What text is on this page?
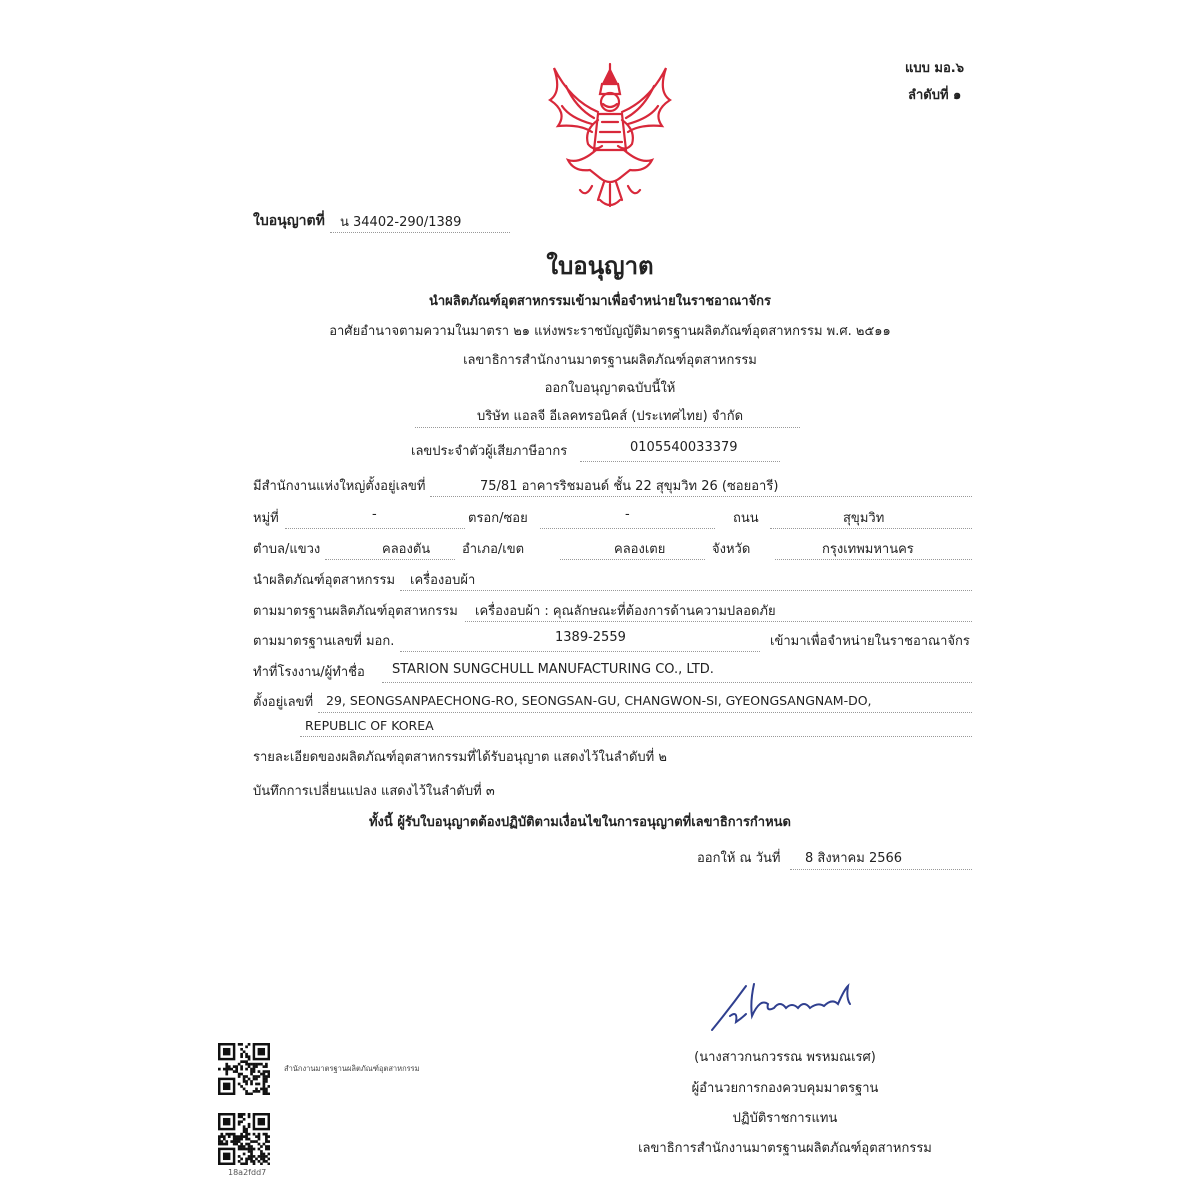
แบบ มอ.๖
ลำดับที่ ๑
ใบอนุญาตที่ น 34402-290/1389
ใบอนุญาต
นำผลิตภัณฑ์อุตสาหกรรมเข้ามาเพื่อจำหน่ายในราชอาณาจักร
อาศัยอำนาจตามความในมาตรา ๒๑ แห่งพระราชบัญญัติมาตรฐานผลิตภัณฑ์อุตสาหกรรม พ.ศ. ๒๕๑๑
เลขาธิการสำนักงานมาตรฐานผลิตภัณฑ์อุตสาหกรรม
ออกใบอนุญาตฉบับนี้ให้
บริษัท แอลจี อีเลคทรอนิคส์ (ประเทศไทย) จำกัด
เลขประจำตัวผู้เสียภาษีอากร	0105540033379
มีสำนักงานแห่งใหญ่ตั้งอยู่เลขที่	75/81 อาคารริชมอนด์ ชั้น 22 สุขุมวิท 26 (ซอยอารี)
หมู่ที่	-	ตรอก/ซอย	-	ถนน	สุขุมวิท
ตำบล/แขวง	คลองตัน อำเภอ/เขต	คลองเตย	จังหวัด	กรุงเทพมหานคร
นำผลิตภัณฑ์อุตสาหกรรม เครื่องอบผ้า
ตามมาตรฐานผลิตภัณฑ์อุตสาหกรรม เครื่องอบผ้า : คุณลักษณะที่ต้องการด้านความปลอดภัย
ตามมาตรฐานเลขที่ มอก.	1389-2559	เข้ามาเพื่อจำหน่ายในราชอาณาจักร
ทำที่โรงงาน/ผู้ทำชื่อ STARION SUNGCHULL MANUFACTURING CO., LTD.
ตั้งอยู่เลขที่ 29, SEONGSANPAECHONG-RO, SEONGSAN-GU, CHANGWON-SI, GYEONGSANGNAM-DO,
REPUBLIC OF KOREA
รายละเอียดของผลิตภัณฑ์อุตสาหกรรมที่ได้รับอนุญาต แสดงไว้ในลำดับที่ ๒
บันทึกการเปลี่ยนแปลง แสดงไว้ในลำดับที่ ๓
ทั้งนี้ ผู้รับใบอนุญาตต้องปฏิบัติตามเงื่อนไขในการอนุญาตที่เลขาธิการกำหนด
ออกให้ ณ วันที่ 8 สิงหาคม 2566
(นางสาวกนกวรรณ พรหมณเรศ)
ผู้อำนวยการกองควบคุมมาตรฐาน
ปฏิบัติราชการแทน
เลขาธิการสำนักงานมาตรฐานผลิตภัณฑ์อุตสาหกรรม
สำนักงานมาตรฐานผลิตภัณฑ์อุตสาหกรรม
18a2fdd7
